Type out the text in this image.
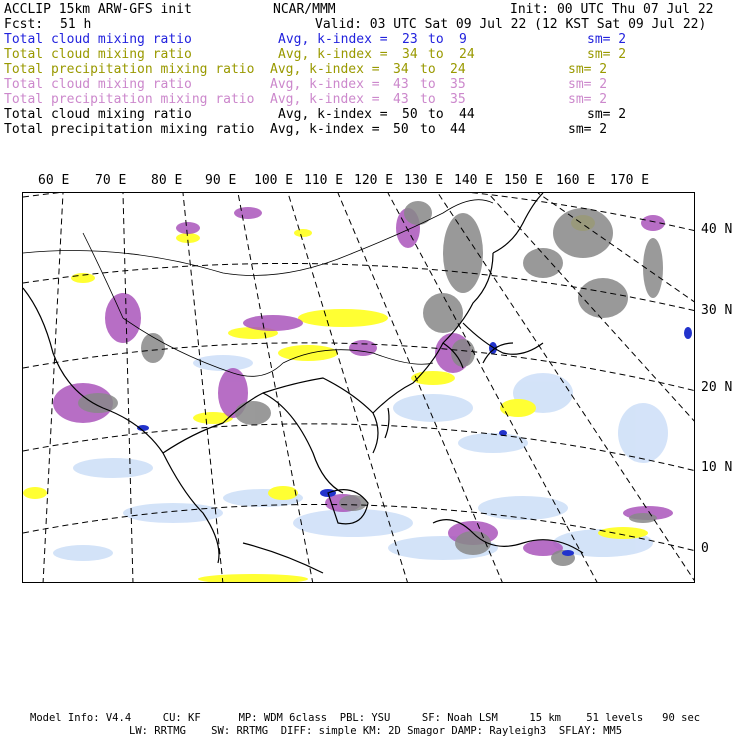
ACCLIP 15km ARW-GFS init	NCAR/MMM	Init: 00 UTC Thu 07 Jul 22
Fcst: 51 h	Valid: 03 UTC Sat 09 Jul 22 (12 KST Sat 09 Jul 22)
Total cloud mixing ratio	Avg, k-index = 23 to 9	sm= 2
Total cloud mixing ratio	Avg, k-index = 34 to 24	sm= 2
Total precipitation mixing ratio Avg, k-index = 34 to 24	sm= 2
Total cloud mixing ratio	Avg, k-index = 43 to 35	sm= 2
Total precipitation mixing ratio Avg, k-index = 43 to 35	sm= 2
Total cloud mixing ratio	Avg, k-index = 50 to 44	sm= 2
Total precipitation mixing ratio Avg, k-index = 50 to 44	sm= 2
60 E 70 E 80 E 90 E 100 E 110 E 120 E 130 E 140 E 150 E 160 E 170 E
40 N
30 N
20 N
10 N
0
Model Info: V4.4     CU: KF      MP: WDM 6class  PBL: YSU     SF: Noah LSM     15 km    51 levels   90 sec
LW: RRTMG    SW: RRTMG  DIFF: simple KM: 2D Smagor DAMP: Rayleigh3  SFLAY: MM5
